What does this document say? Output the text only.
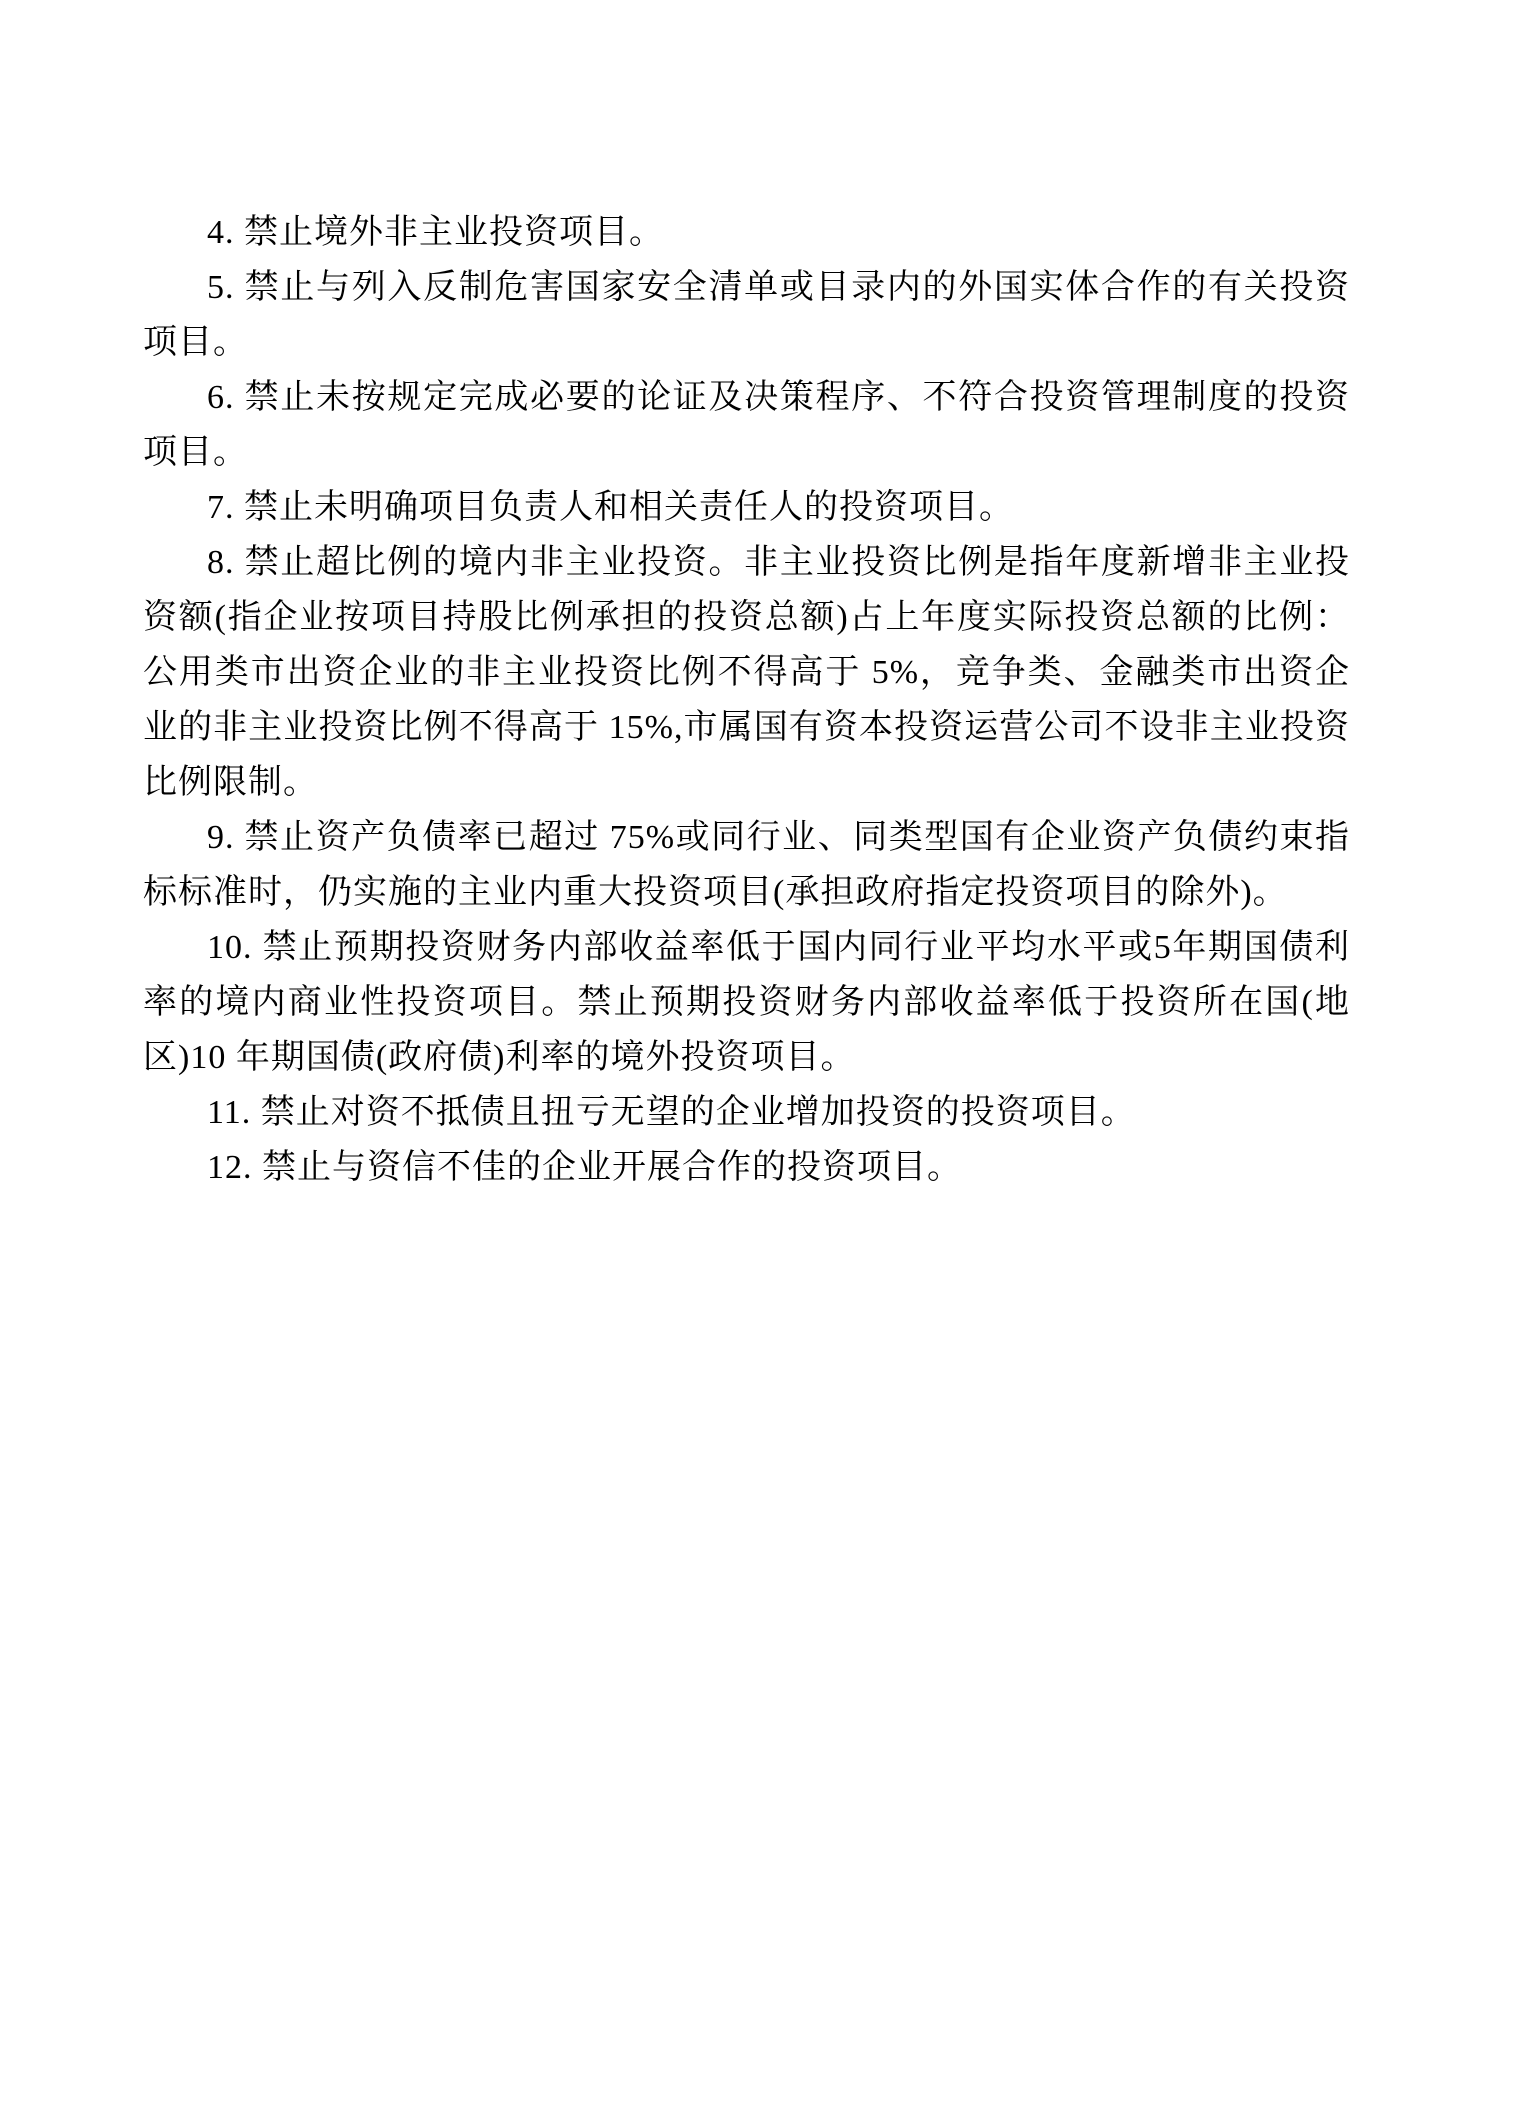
4. 禁止境外非主业投资项目。

5. 禁止与列入反制危害国家安全清单或目录内的外国实体合作的有关投资项目。

6. 禁止未按规定完成必要的论证及决策程序、不符合投资管理制度的投资项目。

7. 禁止未明确项目负责人和相关责任人的投资项目。

8. 禁止超比例的境内非主业投资。非主业投资比例是指年度新增非主业投资额(指企业按项目持股比例承担的投资总额)占上年度实际投资总额的比例：公用类市出资企业的非主业投资比例不得高于 5%，竞争类、金融类市出资企业的非主业投资比例不得高于 15%,市属国有资本投资运营公司不设非主业投资比例限制。

9. 禁止资产负债率已超过 75%或同行业、同类型国有企业资产负债约束指标标准时，仍实施的主业内重大投资项目(承担政府指定投资项目的除外)。

10. 禁止预期投资财务内部收益率低于国内同行业平均水平或5年期国债利率的境内商业性投资项目。禁止预期投资财务内部收益率低于投资所在国(地区)10 年期国债(政府债)利率的境外投资项目。

11. 禁止对资不抵债且扭亏无望的企业增加投资的投资项目。

12. 禁止与资信不佳的企业开展合作的投资项目。
